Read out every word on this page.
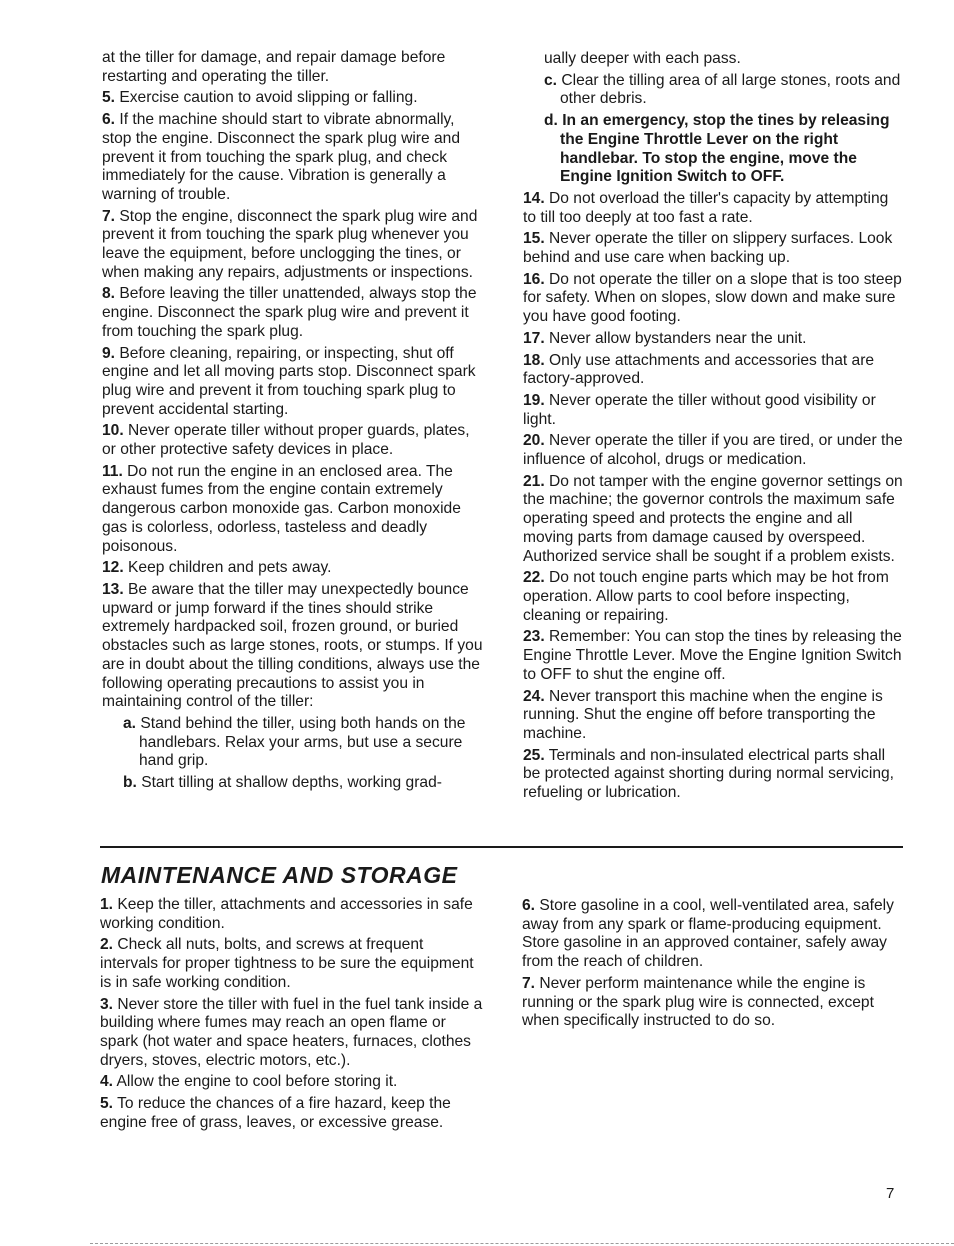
at the tiller for damage, and repair damage before restarting and operating the tiller.

5. Exercise caution to avoid slipping or falling.

6. If the machine should start to vibrate abnormally, stop the engine. Disconnect the spark plug wire and prevent it from touching the spark plug, and check immediately for the cause. Vibration is generally a warning of trouble.

7. Stop the engine, disconnect the spark plug wire and prevent it from touching the spark plug whenever you leave the equipment, before unclogging the tines, or when making any repairs, adjustments or inspections.

8. Before leaving the tiller unattended, always stop the engine. Disconnect the spark plug wire and prevent it from touching the spark plug.

9. Before cleaning, repairing, or inspecting, shut off engine and let all moving parts stop. Disconnect spark plug wire and prevent it from touching spark plug to prevent accidental starting.

10. Never operate tiller without proper guards, plates, or other protective safety devices in place.

11. Do not run the engine in an enclosed area. The exhaust fumes from the engine contain extremely dangerous carbon monoxide gas. Carbon monoxide gas is colorless, odorless, tasteless and deadly poisonous.

12. Keep children and pets away.

13. Be aware that the tiller may unexpectedly bounce upward or jump forward if the tines should strike extremely hardpacked soil, frozen ground, or buried obstacles such as large stones, roots, or stumps. If you are in doubt about the tilling conditions, always use the following operating precautions to assist you in maintaining control of the tiller:

a. Stand behind the tiller, using both hands on the handlebars. Relax your arms, but use a secure hand grip.

b. Start tilling at shallow depths, working grad-

ually deeper with each pass.

c. Clear the tilling area of all large stones, roots and other debris.

d. In an emergency, stop the tines by releasing the Engine Throttle Lever on the right handlebar. To stop the engine, move the Engine Ignition Switch to OFF.

14. Do not overload the tiller's capacity by attempting to till too deeply at too fast a rate.

15. Never operate the tiller on slippery surfaces. Look behind and use care when backing up.

16. Do not operate the tiller on a slope that is too steep for safety. When on slopes, slow down and make sure you have good footing.

17. Never allow bystanders near the unit.

18. Only use attachments and accessories that are factory-approved.

19. Never operate the tiller without good visibility or light.

20. Never operate the tiller if you are tired, or under the influence of alcohol, drugs or medication.

21. Do not tamper with the engine governor settings on the machine; the governor controls the maximum safe operating speed and protects the engine and all moving parts from damage caused by overspeed. Authorized service shall be sought if a problem exists.

22. Do not touch engine parts which may be hot from operation. Allow parts to cool before inspecting, cleaning or repairing.

23. Remember: You can stop the tines by releasing the Engine Throttle Lever. Move the Engine Ignition Switch to OFF to shut the engine off.

24. Never transport this machine when the engine is running. Shut the engine off before transporting the machine.

25. Terminals and non-insulated electrical parts shall be protected against shorting during normal servicing, refueling or lubrication.

MAINTENANCE AND STORAGE

1. Keep the tiller, attachments and accessories in safe working condition.

2. Check all nuts, bolts, and screws at frequent intervals for proper tightness to be sure the equipment is in safe working condition.

3. Never store the tiller with fuel in the fuel tank inside a building where fumes may reach an open flame or spark (hot water and space heaters, furnaces, clothes dryers, stoves, electric motors, etc.).

4. Allow the engine to cool before storing it.

5. To reduce the chances of a fire hazard, keep the engine free of grass, leaves, or excessive grease.

6. Store gasoline in a cool, well-ventilated area, safely away from any spark or flame-producing equipment. Store gasoline in an approved container, safely away from the reach of children.

7. Never perform maintenance while the engine is running or the spark plug wire is connected, except when specifically instructed to do so.

7
